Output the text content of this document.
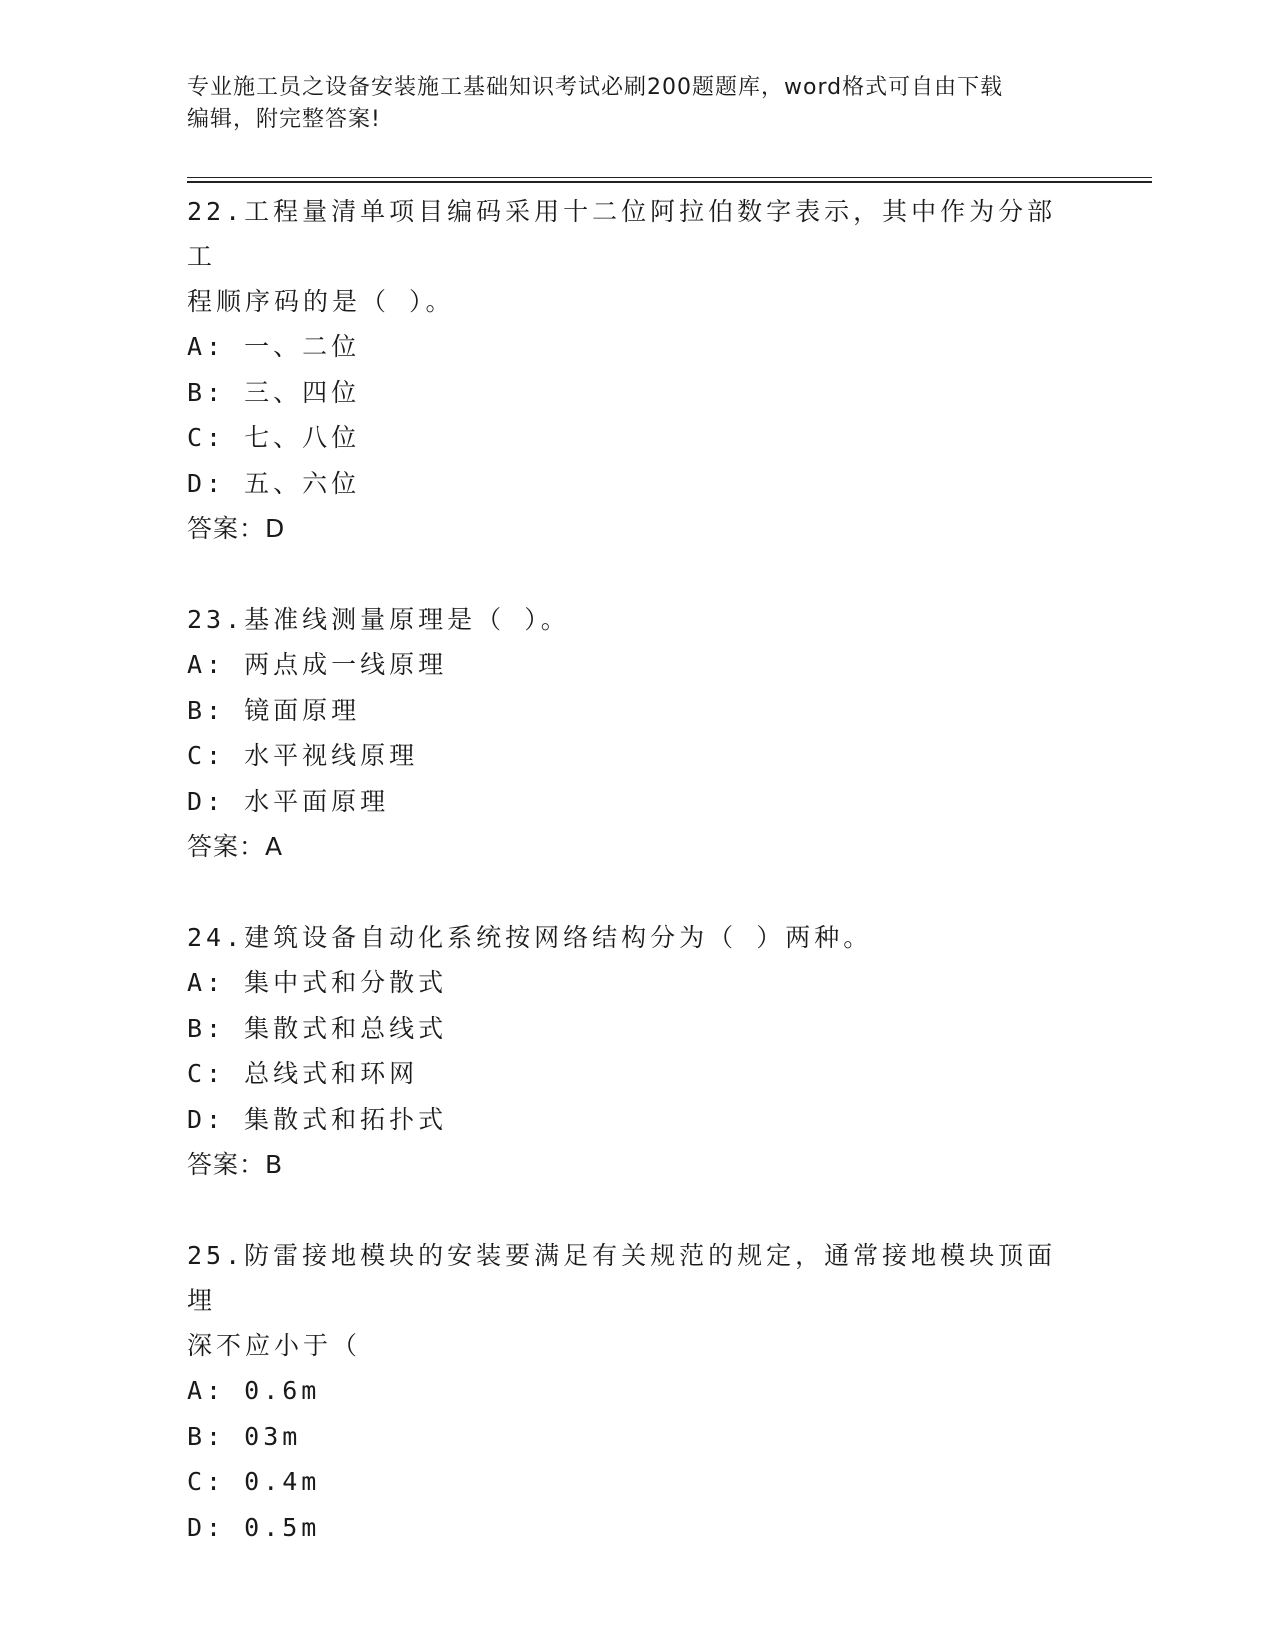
专业施工员之设备安装施工基础知识考试必刷200题题库，word格式可自由下载
编辑，附完整答案!
22.工程量清单项目编码采用十二位阿拉伯数字表示，其中作为分部工
程顺序码的是（ ）。
A: 一、二位
B: 三、四位
C: 七、八位
D: 五、六位
答案：D
23.基准线测量原理是（ ）。
A: 两点成一线原理
B: 镜面原理
C: 水平视线原理
D: 水平面原理
答案：A
24.建筑设备自动化系统按网络结构分为（ ）两种。
A: 集中式和分散式
B: 集散式和总线式
C: 总线式和环网
D: 集散式和拓扑式
答案：B
25.防雷接地模块的安装要满足有关规范的规定，通常接地模块顶面埋
深不应小于（
A: 0.6m
B: 03m
C: 0.4m
D: 0.5m
